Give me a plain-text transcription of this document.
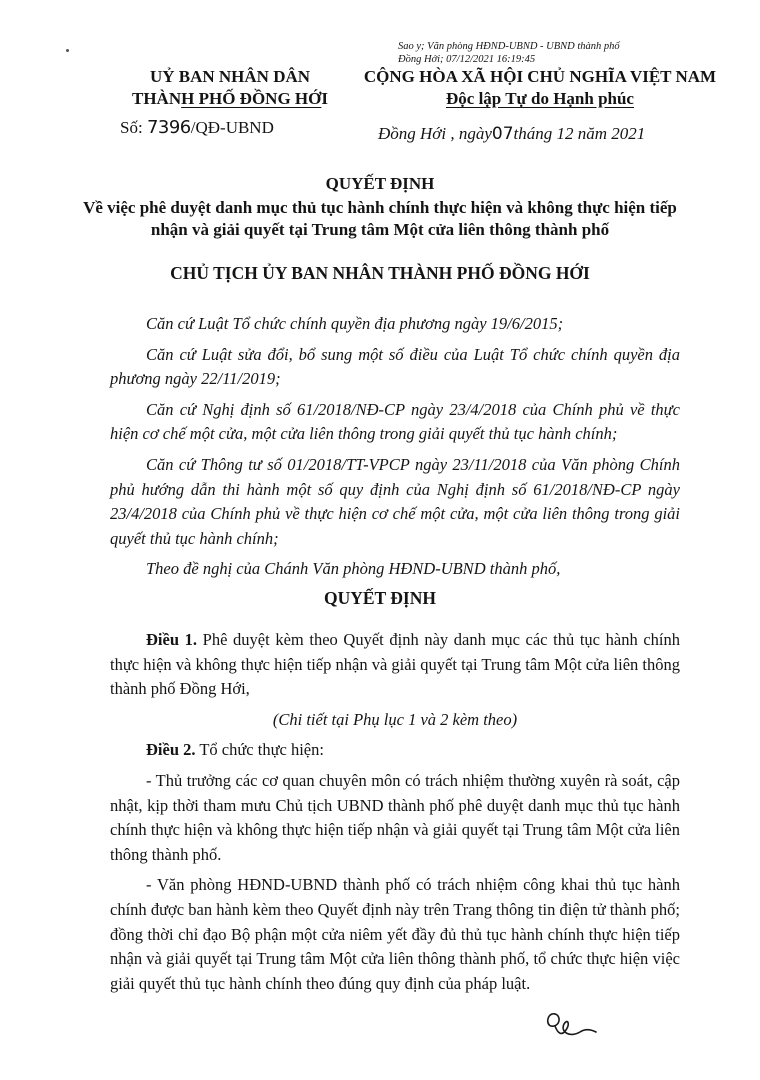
Sao y; Văn phòng HĐND-UBND - UBND thành phố
Đồng Hới; 07/12/2021 16:19:45
UỶ BAN NHÂN DÂN
THÀNH PHỐ ĐỒNG HỚI
CỘNG HÒA XÃ HỘI CHỦ NGHĨA VIỆT NAM
Độc lập Tự do Hạnh phúc
Số: 7396/QĐ-UBND	Đồng Hới , ngày07tháng 12 năm 2021
QUYẾT ĐỊNH
Về việc phê duyệt danh mục thủ tục hành chính thực hiện và không thực hiện tiếp nhận và giải quyết tại Trung tâm Một cửa liên thông thành phố
CHỦ TỊCH ỦY BAN NHÂN THÀNH PHỐ ĐỒNG HỚI

Căn cứ Luật Tổ chức chính quyền địa phương ngày 19/6/2015;

Căn cứ Luật sửa đổi, bổ sung một số điều của Luật Tổ chức chính quyền địa phương ngày 22/11/2019;

Căn cứ Nghị định số 61/2018/NĐ-CP ngày 23/4/2018 của Chính phủ về thực hiện cơ chế một cửa, một cửa liên thông trong giải quyết thủ tục hành chính;

Căn cứ Thông tư số 01/2018/TT-VPCP ngày 23/11/2018 của Văn phòng Chính phủ hướng dẫn thi hành một số quy định của Nghị định số 61/2018/NĐ-CP ngày 23/4/2018 của Chính phủ về thực hiện cơ chế một cửa, một cửa liên thông trong giải quyết thủ tục hành chính;

Theo đề nghị của Chánh Văn phòng HĐND-UBND thành phố,

QUYẾT ĐỊNH

Điều 1. Phê duyệt kèm theo Quyết định này danh mục các thủ tục hành chính thực hiện và không thực hiện tiếp nhận và giải quyết tại Trung tâm Một cửa liên thông thành phố Đồng Hới,

(Chi tiết tại Phụ lục 1 và 2 kèm theo)

Điều 2. Tổ chức thực hiện:

- Thủ trưởng các cơ quan chuyên môn có trách nhiệm thường xuyên rà soát, cập nhật, kịp thời tham mưu Chủ tịch UBND thành phố phê duyệt danh mục thủ tục hành chính thực hiện và không thực hiện tiếp nhận và giải quyết tại Trung tâm Một cửa liên thông thành phố.

- Văn phòng HĐND-UBND thành phố có trách nhiệm công khai thủ tục hành chính được ban hành kèm theo Quyết định này trên Trang thông tin điện tử thành phố; đồng thời chỉ đạo Bộ phận một cửa niêm yết đầy đủ thủ tục hành chính thực hiện tiếp nhận và giải quyết tại Trung tâm Một cửa liên thông thành phố, tổ chức thực hiện việc giải quyết thủ tục hành chính theo đúng quy định của pháp luật.
